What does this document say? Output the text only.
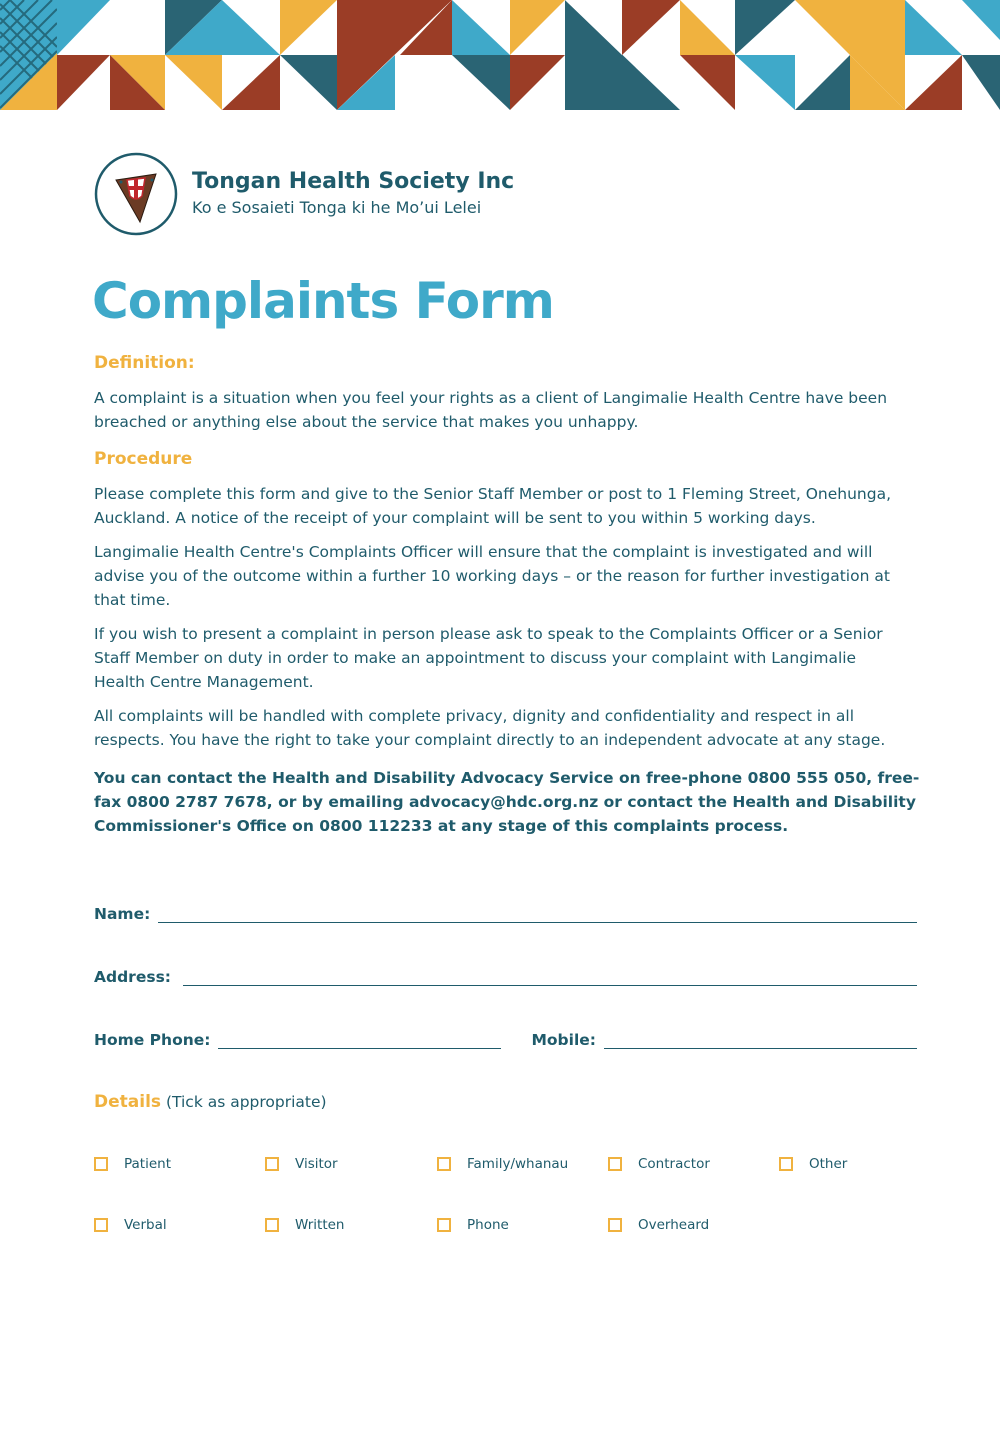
Tongan Health Society Inc
Ko e Sosaieti Tonga ki he Mo’ui Lelei
Complaints Form
Definition:

A complaint is a situation when you feel your rights as a client of Langimalie Health Centre have been breached or anything else about the service that makes you unhappy.

Procedure

Please complete this form and give to the Senior Staff Member or post to 1 Fleming Street, Onehunga, Auckland. A notice of the receipt of your complaint will be sent to you within 5 working days.

Langimalie Health Centre's Complaints Officer will ensure that the complaint is investigated and will advise you of the outcome within a further 10 working days – or the reason for further investigation at that time.

If you wish to present a complaint in person please ask to speak to the Complaints Officer or a Senior Staff Member on duty in order to make an appointment to discuss your complaint with Langimalie Health Centre Management.

All complaints will be handled with complete privacy, dignity and confidentiality and respect in all respects. You have the right to take your complaint directly to an independent advocate at any stage.

You can contact the Health and Disability Advocacy Service on free-phone 0800 555 050, free-fax 0800 2787 7678, or by emailing advocacy@hdc.org.nz or contact the Health and Disability Commissioner's Office on 0800 112233 at any stage of this complaints process.

Name:
Address:
Home Phone:	Mobile:
Details (Tick as appropriate)
Patient	Visitor	Family/whanau	Contractor	Other
Verbal	Written	Phone	Overheard
